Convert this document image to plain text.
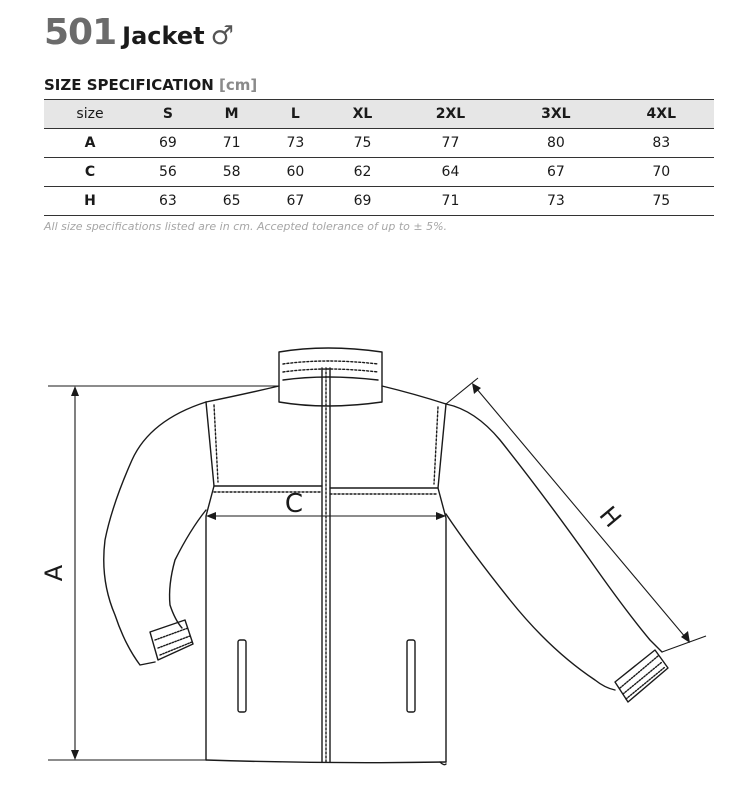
501 Jacket ♂
SIZE SPECIFICATION [cm]
size	S	M	L	XL	2XL	3XL	4XL
A	69	71	73	75	77	80	83
C	56	58	60	62	64	67	70
H	63	65	67	69	71	73	75
All size specifications listed are in cm. Accepted tolerance of up to ± 5%.
A
C	H
